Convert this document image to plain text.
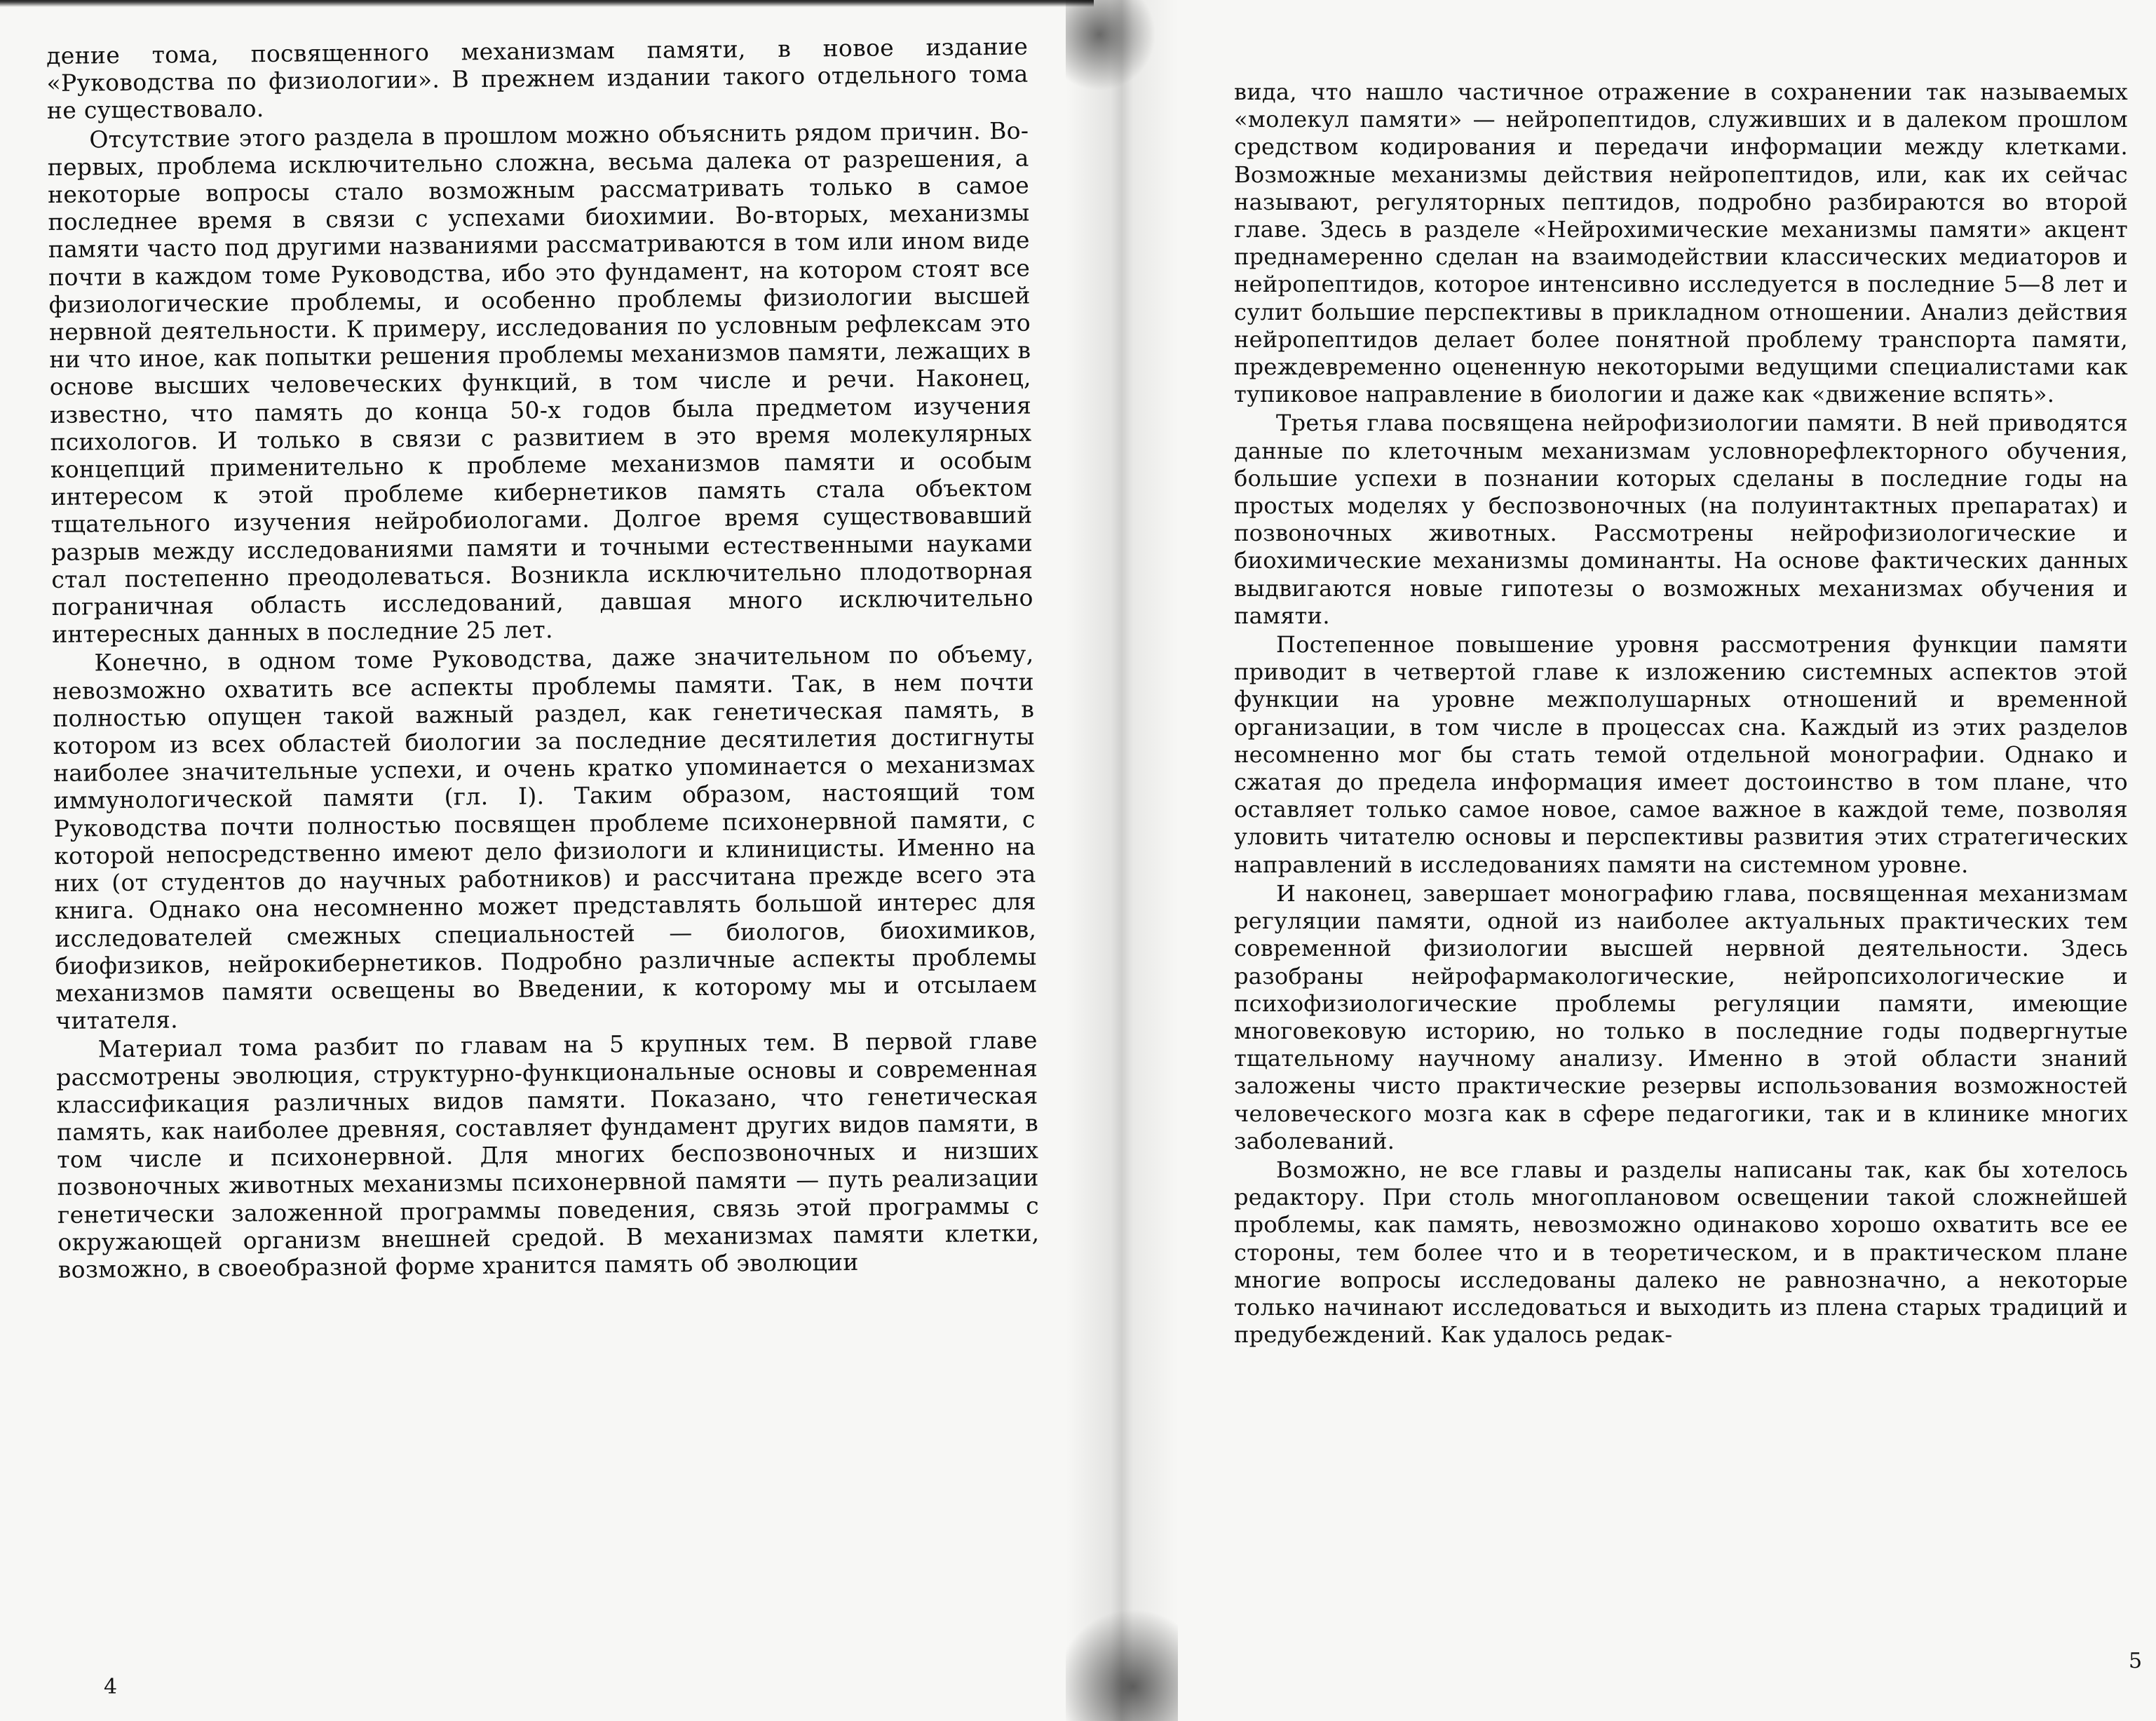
дение тома, посвященного механизмам памяти, в новое издание «Руководства по физиологии». В прежнем издании такого отдельного тома не существовало.

Отсутствие этого раздела в прошлом можно объяснить рядом причин. Во-первых, проблема исключительно сложна, весьма далека от разрешения, а некоторые вопросы стало возможным рассматривать только в самое последнее время в связи с успехами биохимии. Во-вторых, механизмы памяти часто под другими названиями рассматриваются в том или ином виде почти в каждом томе Руководства, ибо это фундамент, на котором стоят все физиологические проблемы, и особенно проблемы физиологии высшей нервной деятельности. К примеру, исследования по условным рефлексам это ни что иное, как попытки решения проблемы механизмов памяти, лежащих в основе высших человеческих функций, в том числе и речи. Наконец, известно, что память до конца 50-х годов была предметом изучения психологов. И только в связи с развитием в это время молекулярных концепций применительно к проблеме механизмов памяти и особым интересом к этой проблеме кибернетиков память стала объектом тщательного изучения нейробиологами. Долгое время существовавший разрыв между исследованиями памяти и точными естественными науками стал постепенно преодолеваться. Возникла исключительно плодотворная пограничная область исследований, давшая много исключительно интересных данных в последние 25 лет.

Конечно, в одном томе Руководства, даже значительном по объему, невозможно охватить все аспекты проблемы памяти. Так, в нем почти полностью опущен такой важный раздел, как генетическая память, в котором из всех областей биологии за последние десятилетия достигнуты наиболее значительные успехи, и очень кратко упоминается о механизмах иммунологической памяти (гл. I). Таким образом, настоящий том Руководства почти полностью посвящен проблеме психонервной памяти, с которой непосредственно имеют дело физиологи и клиницисты. Именно на них (от студентов до научных работников) и рассчитана прежде всего эта книга. Однако она несомненно может представлять большой интерес для исследователей смежных специальностей — биологов, биохимиков, биофизиков, нейрокибернетиков. Подробно различные аспекты проблемы механизмов памяти освещены во Введении, к которому мы и отсылаем читателя.

Материал тома разбит по главам на 5 крупных тем. В первой главе рассмотрены эволюция, структурно-функциональные основы и современная классификация различных видов памяти. Показано, что генетическая память, как наиболее древняя, составляет фундамент других видов памяти, в том числе и психонервной. Для многих беспозвоночных и низших позвоночных животных механизмы психонервной памяти — путь реализации генетически заложенной программы поведения, связь этой программы с окружающей организм внешней средой. В механизмах памяти клетки, возможно, в своеобразной форме хранится память об эволюции

4

вида, что нашло частичное отражение в сохранении так называемых «молекул памяти» — нейропептидов, служивших и в далеком прошлом средством кодирования и передачи информации между клетками. Возможные механизмы действия нейропептидов, или, как их сейчас называют, регуляторных пептидов, подробно разбираются во второй главе. Здесь в разделе «Нейрохимические механизмы памяти» акцент преднамеренно сделан на взаимодействии классических медиаторов и нейропептидов, которое интенсивно исследуется в последние 5—8 лет и сулит большие перспективы в прикладном отношении. Анализ действия нейропептидов делает более понятной проблему транспорта памяти, преждевременно оцененную некоторыми ведущими специалистами как тупиковое направление в биологии и даже как «движение вспять».

Третья глава посвящена нейрофизиологии памяти. В ней приводятся данные по клеточным механизмам условнорефлекторного обучения, большие успехи в познании которых сделаны в последние годы на простых моделях у беспозвоночных (на полуинтактных препаратах) и позвоночных животных. Рассмотрены нейрофизиологические и биохимические механизмы доминанты. На основе фактических данных выдвигаются новые гипотезы о возможных механизмах обучения и памяти.

Постепенное повышение уровня рассмотрения функции памяти приводит в четвертой главе к изложению системных аспектов этой функции на уровне межполушарных отношений и временной организации, в том числе в процессах сна. Каждый из этих разделов несомненно мог бы стать темой отдельной монографии. Однако и сжатая до предела информация имеет достоинство в том плане, что оставляет только самое новое, самое важное в каждой теме, позволяя уловить читателю основы и перспективы развития этих стратегических направлений в исследованиях памяти на системном уровне.

И наконец, завершает монографию глава, посвященная механизмам регуляции памяти, одной из наиболее актуальных практических тем современной физиологии высшей нервной деятельности. Здесь разобраны нейрофармакологические, нейропсихологические и психофизиологические проблемы регуляции памяти, имеющие многовековую историю, но только в последние годы подвергнутые тщательному научному анализу. Именно в этой области знаний заложены чисто практические резервы использования возможностей человеческого мозга как в сфере педагогики, так и в клинике многих заболеваний.

Возможно, не все главы и разделы написаны так, как бы хотелось редактору. При столь многоплановом освещении такой сложнейшей проблемы, как память, невозможно одинаково хорошо охватить все ее стороны, тем более что и в теоретическом, и в практическом плане многие вопросы исследованы далеко не равнозначно, а некоторые только начинают исследоваться и выходить из плена старых традиций и предубеждений. Как удалось редак-

5
